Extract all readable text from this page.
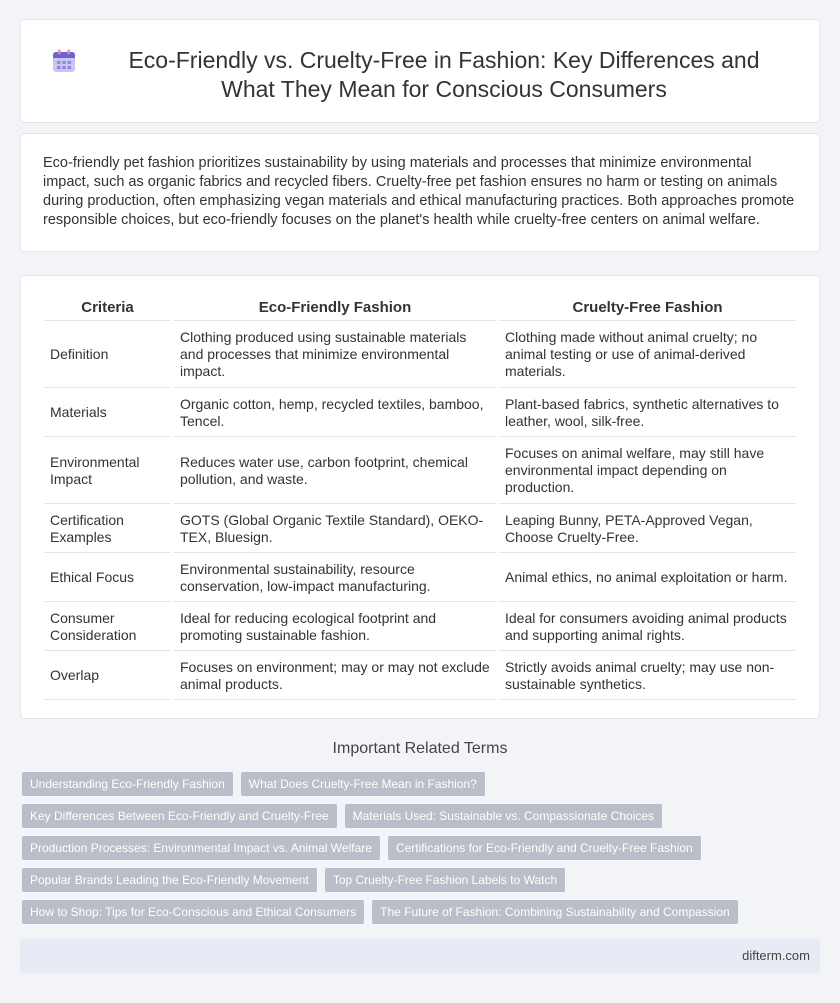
Eco-Friendly vs. Cruelty-Free in Fashion: Key Differences and What They Mean for Conscious Consumers

Eco-friendly pet fashion prioritizes sustainability by using materials and processes that minimize environmental impact, such as organic fabrics and recycled fibers. Cruelty-free pet fashion ensures no harm or testing on animals during production, often emphasizing vegan materials and ethical manufacturing practices. Both approaches promote responsible choices, but eco-friendly focuses on the planet's health while cruelty-free centers on animal welfare.

Criteria	Eco-Friendly Fashion	Cruelty-Free Fashion
Definition	Clothing produced using sustainable materials and processes that minimize environmental impact.	Clothing made without animal cruelty; no animal testing or use of animal-derived materials.
Materials	Organic cotton, hemp, recycled textiles, bamboo, Tencel.	Plant-based fabrics, synthetic alternatives to leather, wool, silk-free.
Environmental Impact	Reduces water use, carbon footprint, chemical pollution, and waste.	Focuses on animal welfare, may still have environmental impact depending on production.
Certification Examples	GOTS (Global Organic Textile Standard), OEKO-TEX, Bluesign.	Leaping Bunny, PETA-Approved Vegan, Choose Cruelty-Free.
Ethical Focus	Environmental sustainability, resource conservation, low-impact manufacturing.	Animal ethics, no animal exploitation or harm.
Consumer Consideration	Ideal for reducing ecological footprint and promoting sustainable fashion.	Ideal for consumers avoiding animal products and supporting animal rights.
Overlap	Focuses on environment; may or may not exclude animal products.	Strictly avoids animal cruelty; may use non-sustainable synthetics.
Important Related Terms
Understanding Eco-Friendly Fashion	What Does Cruelty-Free Mean in Fashion?
Key Differences Between Eco-Friendly and Cruelty-Free	Materials Used: Sustainable vs. Compassionate Choices
Production Processes: Environmental Impact vs. Animal Welfare	Certifications for Eco-Friendly and Cruelty-Free Fashion
Popular Brands Leading the Eco-Friendly Movement	Top Cruelty-Free Fashion Labels to Watch
How to Shop: Tips for Eco-Conscious and Ethical Consumers	The Future of Fashion: Combining Sustainability and Compassion
difterm.com
